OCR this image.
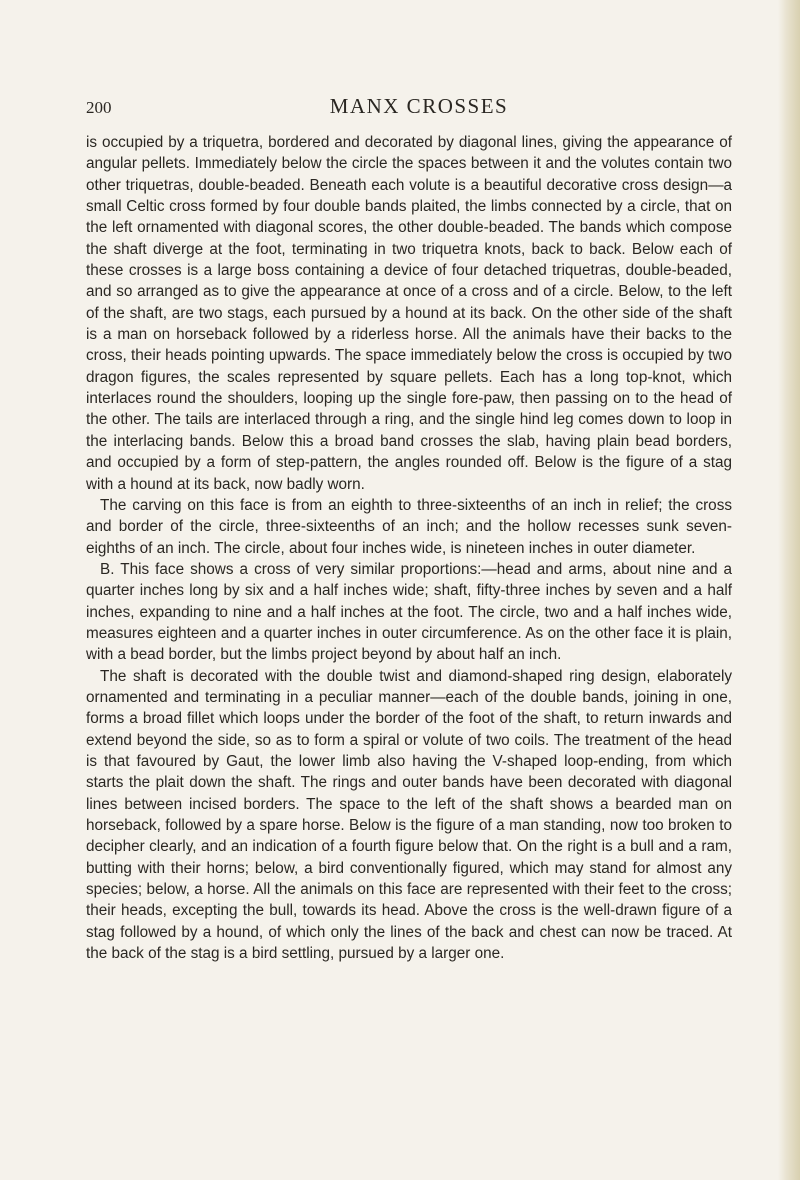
200	MANX CROSSES

is occupied by a triquetra, bordered and decorated by diagonal lines, giving the appearance of angular pellets. Immediately below the circle the spaces between it and the volutes contain two other triquetras, double-beaded. Beneath each volute is a beautiful decorative cross design—a small Celtic cross formed by four double bands plaited, the limbs connected by a circle, that on the left ornamented with diagonal scores, the other double-beaded. The bands which compose the shaft diverge at the foot, terminating in two triquetra knots, back to back. Below each of these crosses is a large boss containing a device of four detached triquetras, double-beaded, and so arranged as to give the appearance at once of a cross and of a circle. Below, to the left of the shaft, are two stags, each pursued by a hound at its back. On the other side of the shaft is a man on horseback followed by a riderless horse. All the animals have their backs to the cross, their heads pointing upwards. The space immediately below the cross is occupied by two dragon figures, the scales represented by square pellets. Each has a long top-knot, which interlaces round the shoulders, looping up the single fore-paw, then passing on to the head of the other. The tails are interlaced through a ring, and the single hind leg comes down to loop in the interlacing bands. Below this a broad band crosses the slab, having plain bead borders, and occupied by a form of step-pattern, the angles rounded off. Below is the figure of a stag with a hound at its back, now badly worn.

The carving on this face is from an eighth to three-sixteenths of an inch in relief; the cross and border of the circle, three-sixteenths of an inch; and the hollow recesses sunk seven-eighths of an inch. The circle, about four inches wide, is nineteen inches in outer diameter.

B. This face shows a cross of very similar proportions:—head and arms, about nine and a quarter inches long by six and a half inches wide; shaft, fifty-three inches by seven and a half inches, expanding to nine and a half inches at the foot. The circle, two and a half inches wide, measures eighteen and a quarter inches in outer circumference. As on the other face it is plain, with a bead border, but the limbs project beyond by about half an inch.

The shaft is decorated with the double twist and diamond-shaped ring design, elaborately ornamented and terminating in a peculiar manner—each of the double bands, joining in one, forms a broad fillet which loops under the border of the foot of the shaft, to return inwards and extend beyond the side, so as to form a spiral or volute of two coils. The treatment of the head is that favoured by Gaut, the lower limb also having the V-shaped loop-ending, from which starts the plait down the shaft. The rings and outer bands have been decorated with diagonal lines between incised borders. The space to the left of the shaft shows a bearded man on horseback, followed by a spare horse. Below is the figure of a man standing, now too broken to decipher clearly, and an indication of a fourth figure below that. On the right is a bull and a ram, butting with their horns; below, a bird conventionally figured, which may stand for almost any species; below, a horse. All the animals on this face are represented with their feet to the cross; their heads, excepting the bull, towards its head. Above the cross is the well-drawn figure of a stag followed by a hound, of which only the lines of the back and chest can now be traced. At the back of the stag is a bird settling, pursued by a larger one.
